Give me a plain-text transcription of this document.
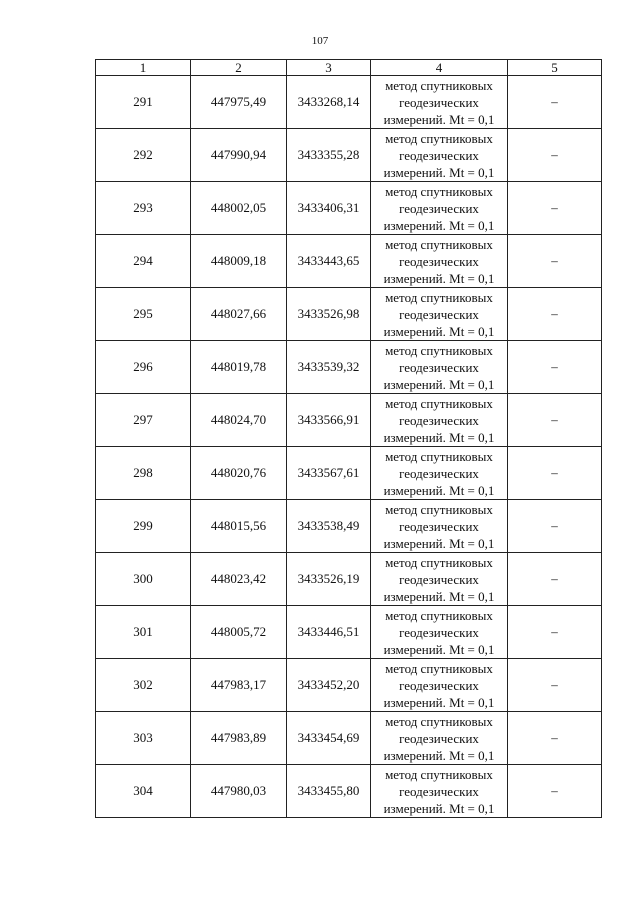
107
1	2	3	4	5
291	447975,49	3433268,14	метод спутниковых
геодезических
измерений. Mt = 0,1	–
292	447990,94	3433355,28	метод спутниковых
геодезических
измерений. Mt = 0,1	–
293	448002,05	3433406,31	метод спутниковых
геодезических
измерений. Mt = 0,1	–
294	448009,18	3433443,65	метод спутниковых
геодезических
измерений. Mt = 0,1	–
295	448027,66	3433526,98	метод спутниковых
геодезических
измерений. Mt = 0,1	–
296	448019,78	3433539,32	метод спутниковых
геодезических
измерений. Mt = 0,1	–
297	448024,70	3433566,91	метод спутниковых
геодезических
измерений. Mt = 0,1	–
298	448020,76	3433567,61	метод спутниковых
геодезических
измерений. Mt = 0,1	–
299	448015,56	3433538,49	метод спутниковых
геодезических
измерений. Mt = 0,1	–
300	448023,42	3433526,19	метод спутниковых
геодезических
измерений. Mt = 0,1	–
301	448005,72	3433446,51	метод спутниковых
геодезических
измерений. Mt = 0,1	–
302	447983,17	3433452,20	метод спутниковых
геодезических
измерений. Mt = 0,1	–
303	447983,89	3433454,69	метод спутниковых
геодезических
измерений. Mt = 0,1	–
304	447980,03	3433455,80	метод спутниковых
геодезических
измерений. Mt = 0,1	–
